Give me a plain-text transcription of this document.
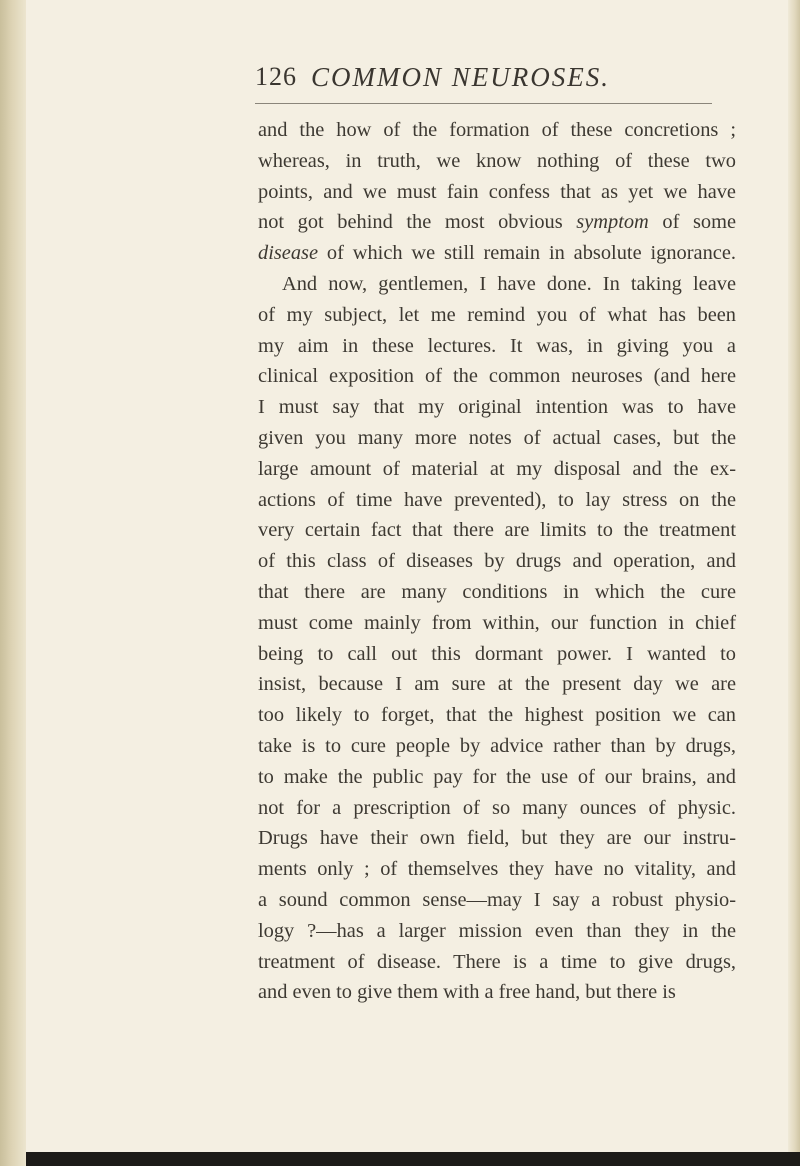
126 COMMON NEUROSES.
and the how of the formation of these concretions ;
whereas, in truth, we know nothing of these two
points, and we must fain confess that as yet we have
not got behind the most obvious symptom of some
disease of which we still remain in absolute ignorance.
And now, gentlemen, I have done. In taking leave
of my subject, let me remind you of what has been
my aim in these lectures. It was, in giving you a
clinical exposition of the common neuroses (and here
I must say that my original intention was to have
given you many more notes of actual cases, but the
large amount of material at my disposal and the ex-
actions of time have prevented), to lay stress on the
very certain fact that there are limits to the treatment
of this class of diseases by drugs and operation, and
that there are many conditions in which the cure
must come mainly from within, our function in chief
being to call out this dormant power. I wanted to
insist, because I am sure at the present day we are
too likely to forget, that the highest position we can
take is to cure people by advice rather than by drugs,
to make the public pay for the use of our brains, and
not for a prescription of so many ounces of physic.
Drugs have their own field, but they are our instru-
ments only ; of themselves they have no vitality, and
a sound common sense—may I say a robust physio-
logy ?—has a larger mission even than they in the
treatment of disease. There is a time to give drugs,
and even to give them with a free hand, but there is
